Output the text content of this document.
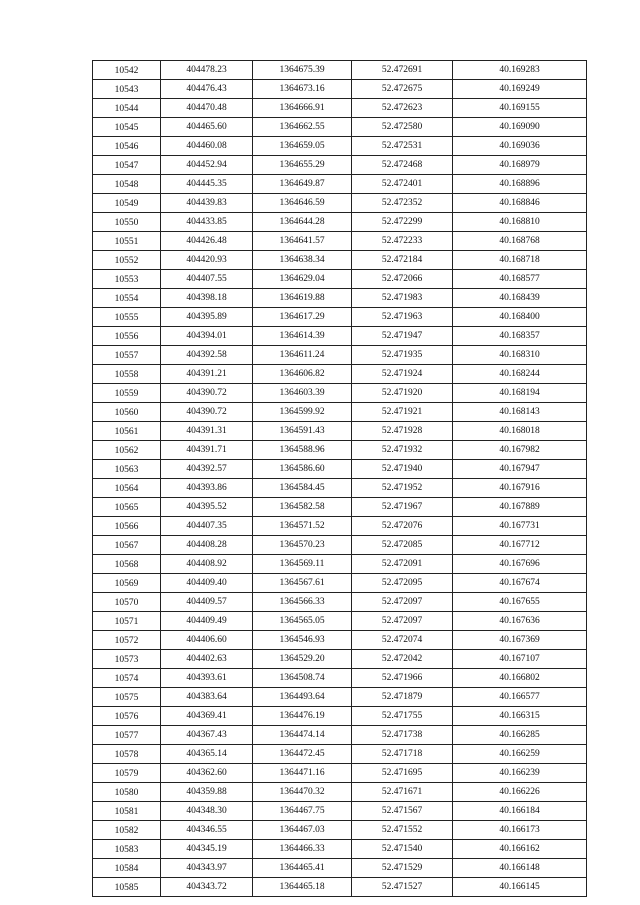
10542	404478.23	1364675.39	52.472691	40.169283
10543	404476.43	1364673.16	52.472675	40.169249
10544	404470.48	1364666.91	52.472623	40.169155
10545	404465.60	1364662.55	52.472580	40.169090
10546	404460.08	1364659.05	52.472531	40.169036
10547	404452.94	1364655.29	52.472468	40.168979
10548	404445.35	1364649.87	52.472401	40.168896
10549	404439.83	1364646.59	52.472352	40.168846
10550	404433.85	1364644.28	52.472299	40.168810
10551	404426.48	1364641.57	52.472233	40.168768
10552	404420.93	1364638.34	52.472184	40.168718
10553	404407.55	1364629.04	52.472066	40.168577
10554	404398.18	1364619.88	52.471983	40.168439
10555	404395.89	1364617.29	52.471963	40.168400
10556	404394.01	1364614.39	52.471947	40.168357
10557	404392.58	1364611.24	52.471935	40.168310
10558	404391.21	1364606.82	52.471924	40.168244
10559	404390.72	1364603.39	52.471920	40.168194
10560	404390.72	1364599.92	52.471921	40.168143
10561	404391.31	1364591.43	52.471928	40.168018
10562	404391.71	1364588.96	52.471932	40.167982
10563	404392.57	1364586.60	52.471940	40.167947
10564	404393.86	1364584.45	52.471952	40.167916
10565	404395.52	1364582.58	52.471967	40.167889
10566	404407.35	1364571.52	52.472076	40.167731
10567	404408.28	1364570.23	52.472085	40.167712
10568	404408.92	1364569.11	52.472091	40.167696
10569	404409.40	1364567.61	52.472095	40.167674
10570	404409.57	1364566.33	52.472097	40.167655
10571	404409.49	1364565.05	52.472097	40.167636
10572	404406.60	1364546.93	52.472074	40.167369
10573	404402.63	1364529.20	52.472042	40.167107
10574	404393.61	1364508.74	52.471966	40.166802
10575	404383.64	1364493.64	52.471879	40.166577
10576	404369.41	1364476.19	52.471755	40.166315
10577	404367.43	1364474.14	52.471738	40.166285
10578	404365.14	1364472.45	52.471718	40.166259
10579	404362.60	1364471.16	52.471695	40.166239
10580	404359.88	1364470.32	52.471671	40.166226
10581	404348.30	1364467.75	52.471567	40.166184
10582	404346.55	1364467.03	52.471552	40.166173
10583	404345.19	1364466.33	52.471540	40.166162
10584	404343.97	1364465.41	52.471529	40.166148
10585	404343.72	1364465.18	52.471527	40.166145
